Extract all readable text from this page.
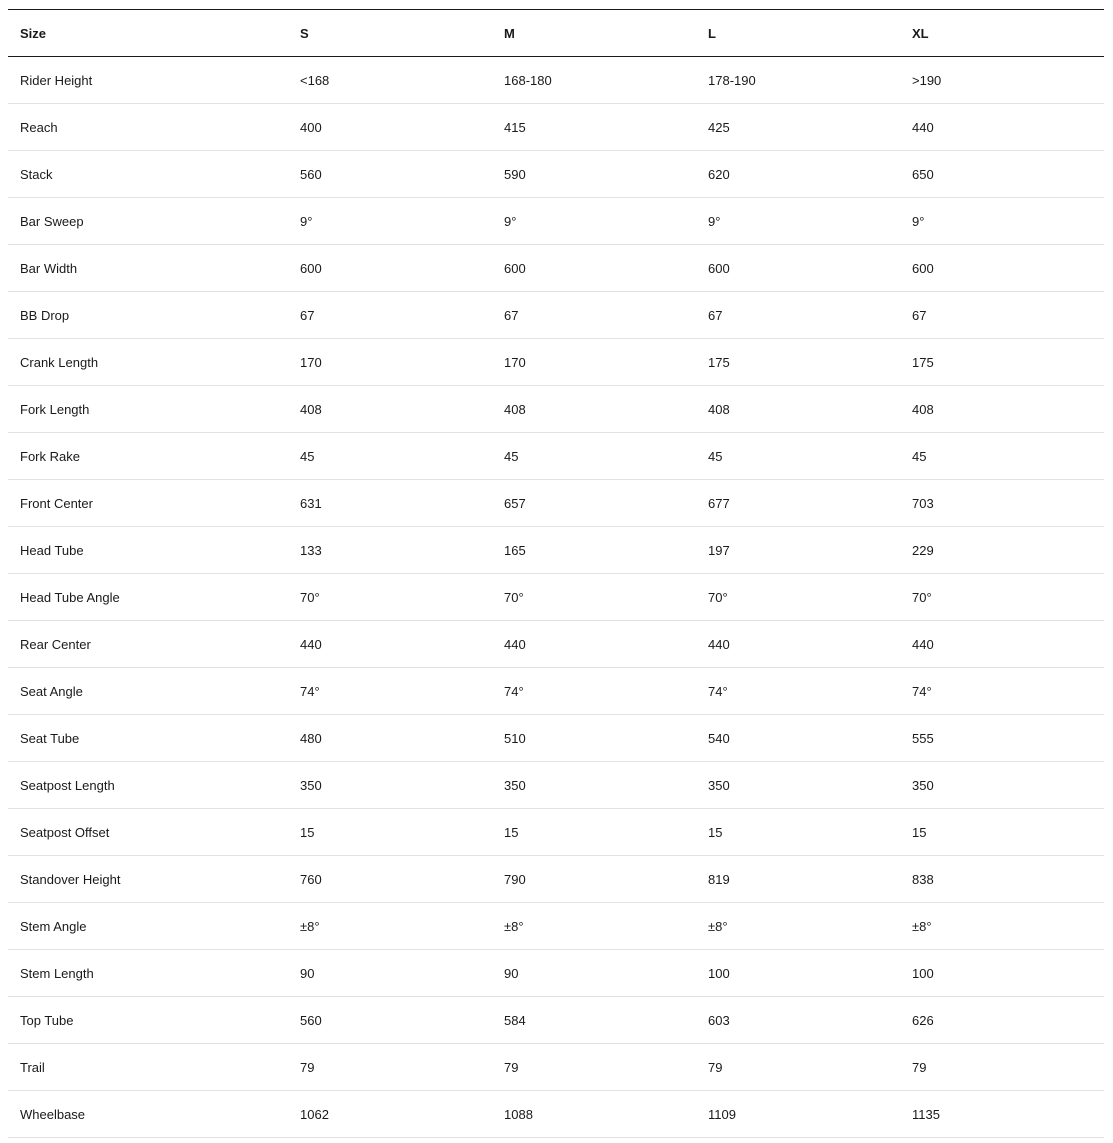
Size	S	M	L	XL
Rider Height	<168	168-180	178-190	>190
Reach	400	415	425	440
Stack	560	590	620	650
Bar Sweep	9°	9°	9°	9°
Bar Width	600	600	600	600
BB Drop	67	67	67	67
Crank Length	170	170	175	175
Fork Length	408	408	408	408
Fork Rake	45	45	45	45
Front Center	631	657	677	703
Head Tube	133	165	197	229
Head Tube Angle	70°	70°	70°	70°
Rear Center	440	440	440	440
Seat Angle	74°	74°	74°	74°
Seat Tube	480	510	540	555
Seatpost Length	350	350	350	350
Seatpost Offset	15	15	15	15
Standover Height	760	790	819	838
Stem Angle	±8°	±8°	±8°	±8°
Stem Length	90	90	100	100
Top Tube	560	584	603	626
Trail	79	79	79	79
Wheelbase	1062	1088	1109	1135
